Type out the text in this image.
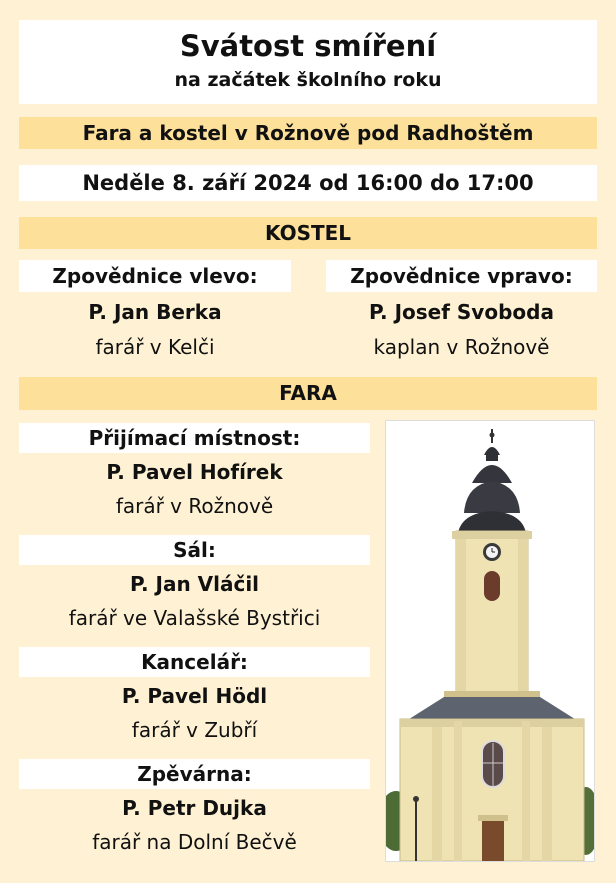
Svátost smíření
na začátek školního roku
Fara a kostel v Rožnově pod Radhoštěm
Neděle 8. září 2024 od 16:00 do 17:00
KOSTEL
Zpovědnice vlevo:
P. Jan Berka
farář v Kelči
Zpovědnice vpravo:
P. Josef Svoboda
kaplan v Rožnově
FARA
Přijímací místnost:
P. Pavel Hofírek
farář v Rožnově
Sál:
P. Jan Vláčil
farář ve Valašské Bystřici
Kancelář:
P. Pavel Hödl
farář v Zubří
Zpěvárna:
P. Petr Dujka
farář na Dolní Bečvě
